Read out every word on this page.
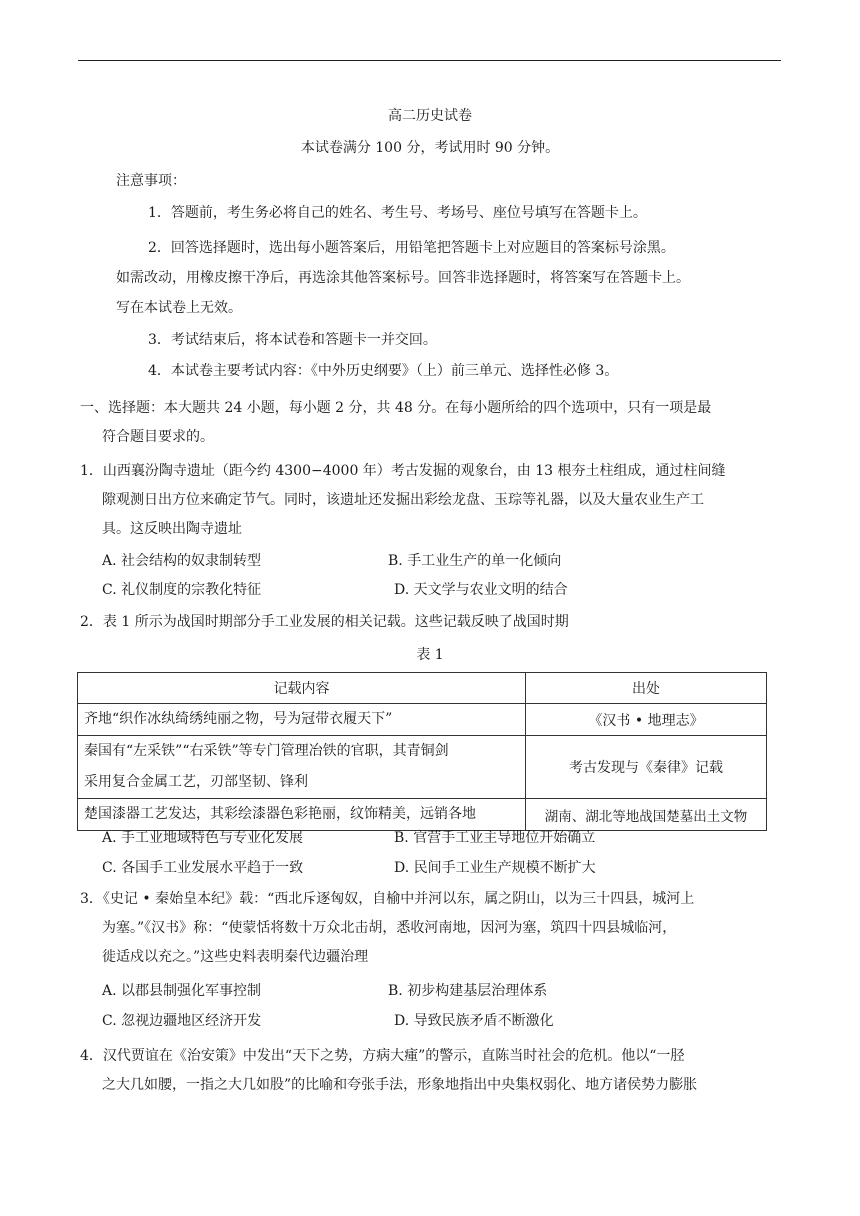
高二历史试卷
本试卷满分 100 分，考试用时 90 分钟。
注意事项：
1．答题前，考生务必将自己的姓名、考生号、考场号、座位号填写在答题卡上。
2．回答选择题时，选出每小题答案后，用铅笔把答题卡上对应题目的答案标号涂黑。
如需改动，用橡皮擦干净后，再选涂其他答案标号。回答非选择题时，将答案写在答题卡上。
写在本试卷上无效。
3．考试结束后，将本试卷和答题卡一并交回。
4．本试卷主要考试内容：《中外历史纲要》（上）前三单元、选择性必修 3。
一、选择题：本大题共 24 小题，每小题 2 分，共 48 分。在每小题所给的四个选项中，只有一项是最
符合题目要求的。
1．山西襄汾陶寺遗址（距今约 4300−4000 年）考古发掘的观象台，由 13 根夯土柱组成，通过柱间缝
隙观测日出方位来确定节气。同时，该遗址还发掘出彩绘龙盘、玉琮等礼器，以及大量农业生产工
具。这反映出陶寺遗址
A. 社会结构的奴隶制转型	B. 手工业生产的单一化倾向
C. 礼仪制度的宗教化特征	D. 天文学与农业文明的结合
2．表 1 所示为战国时期部分手工业发展的相关记载。这些记载反映了战国时期
表 1
记载内容	出处
齐地“织作冰纨绮绣纯丽之物，号为冠带衣履天下”	《汉书 • 地理志》
秦国有“左采铁”“右采铁”等专门管理冶铁的官职，其青铜剑
采用复合金属工艺，刃部坚韧、锋利	考古发现与《秦律》记载
楚国漆器工艺发达，其彩绘漆器色彩艳丽，纹饰精美，远销各地	湖南、湖北等地战国楚墓出土文物
A. 手工业地域特色与专业化发展	B. 官营手工业主导地位开始确立
C. 各国手工业发展水平趋于一致	D. 民间手工业生产规模不断扩大
3．《史记 • 秦始皇本纪》载：“西北斥逐匈奴，自榆中并河以东，属之阴山，以为三十四县，城河上
为塞。”《汉书》称：“使蒙恬将数十万众北击胡，悉收河南地，因河为塞，筑四十四县城临河，
徙适戍以充之。”这些史料表明秦代边疆治理
A. 以郡县制强化军事控制	B. 初步构建基层治理体系
C. 忽视边疆地区经济开发	D. 导致民族矛盾不断激化
4．汉代贾谊在《治安策》中发出“天下之势，方病大瘇”的警示，直陈当时社会的危机。他以“一胫
之大几如腰，一指之大几如股”的比喻和夸张手法，形象地指出中央集权弱化、地方诸侯势力膨胀
